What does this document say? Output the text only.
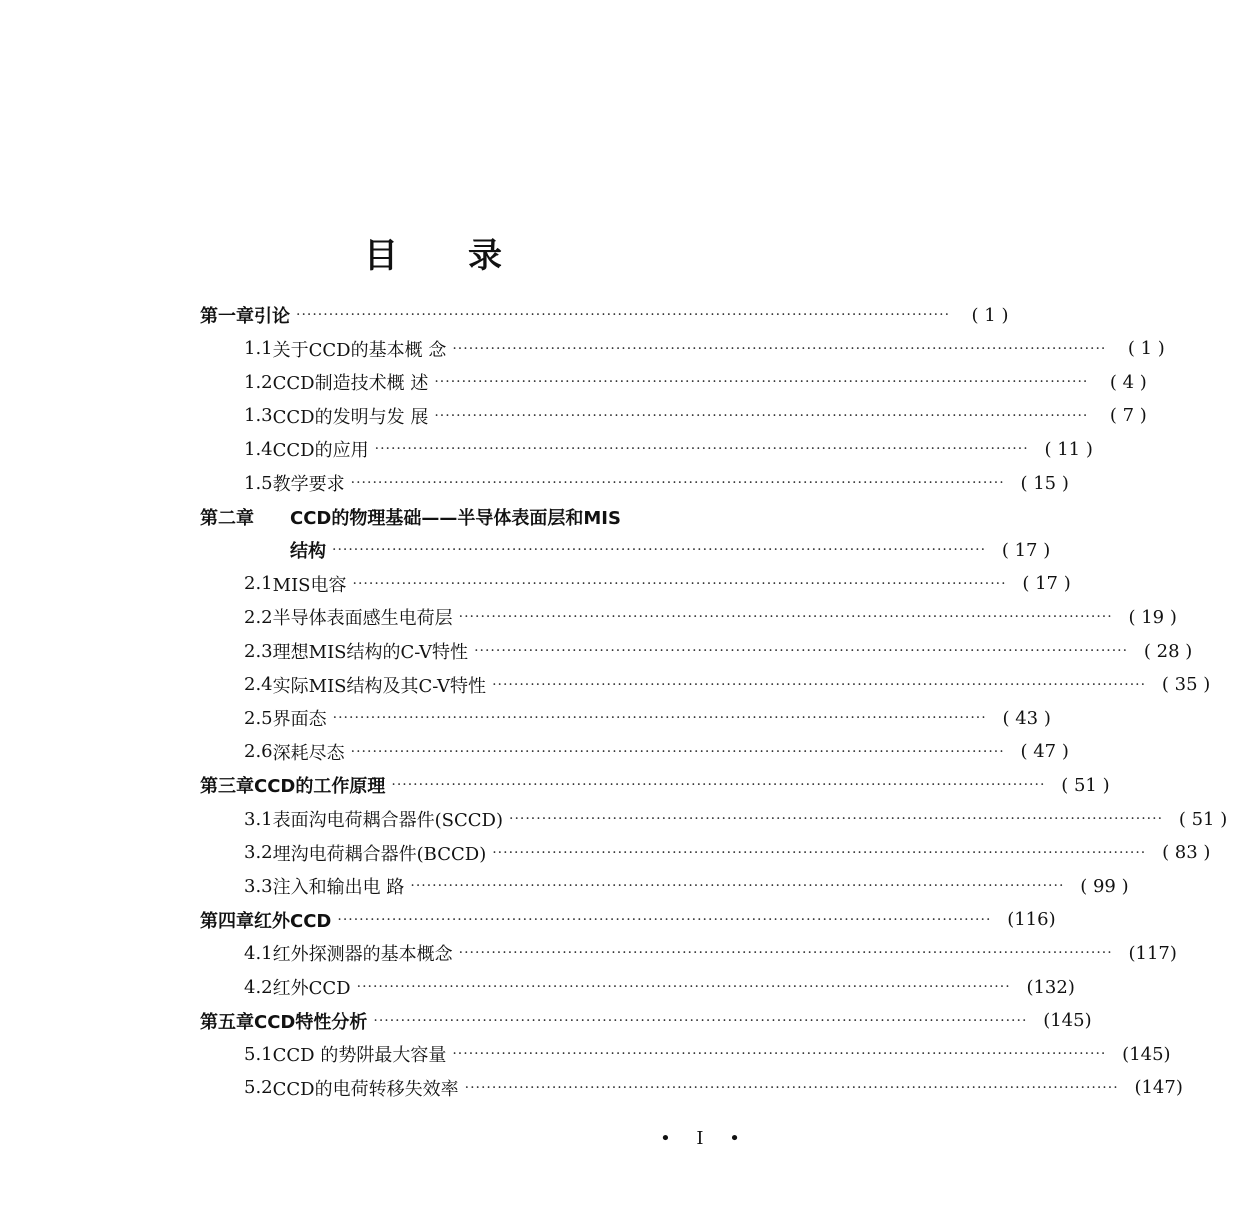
目 录
第一章 引论 ························································································································	( 1 )
1.1 关于CCD的基本概 念 ························································································································	( 1 )
1.2 CCD制造技术概 述 ························································································································	( 4 )
1.3 CCD的发明与发 展 ························································································································	( 7 )
1.4 CCD的应用 ························································································································ ( 11 )
1.5 教学要求 ························································································································ ( 15 )
第二章	CCD的物理基础——半导体表面层和MIS
结构 ························································································································ ( 17 )
2.1 MIS电容 ························································································································ ( 17 )
2.2 半导体表面感生电荷层 ························································································································ ( 19 )
2.3 理想MIS结构的C-V特性 ························································································································ ( 28 )
2.4 实际MIS结构及其C-V特性 ························································································································ ( 35 )
2.5 界面态 ························································································································ ( 43 )
2.6 深耗尽态 ························································································································ ( 47 )
第三章 CCD的工作原理 ························································································································ ( 51 )
3.1 表面沟电荷耦合器件(SCCD) ························································································································ ( 51 )
3.2 埋沟电荷耦合器件(BCCD) ························································································································ ( 83 )
3.3 注入和输出电 路 ························································································································ ( 99 )
第四章 红外CCD ························································································································ (116)
4.1 红外探测器的基本概念 ························································································································ (117)
4.2 红外CCD ························································································································ (132)
第五章 CCD特性分析 ························································································································ (145)
5.1 CCD 的势阱最大容量 ························································································································ (145)
5.2 CCD的电荷转移失效率 ························································································································ (147)
• I •
